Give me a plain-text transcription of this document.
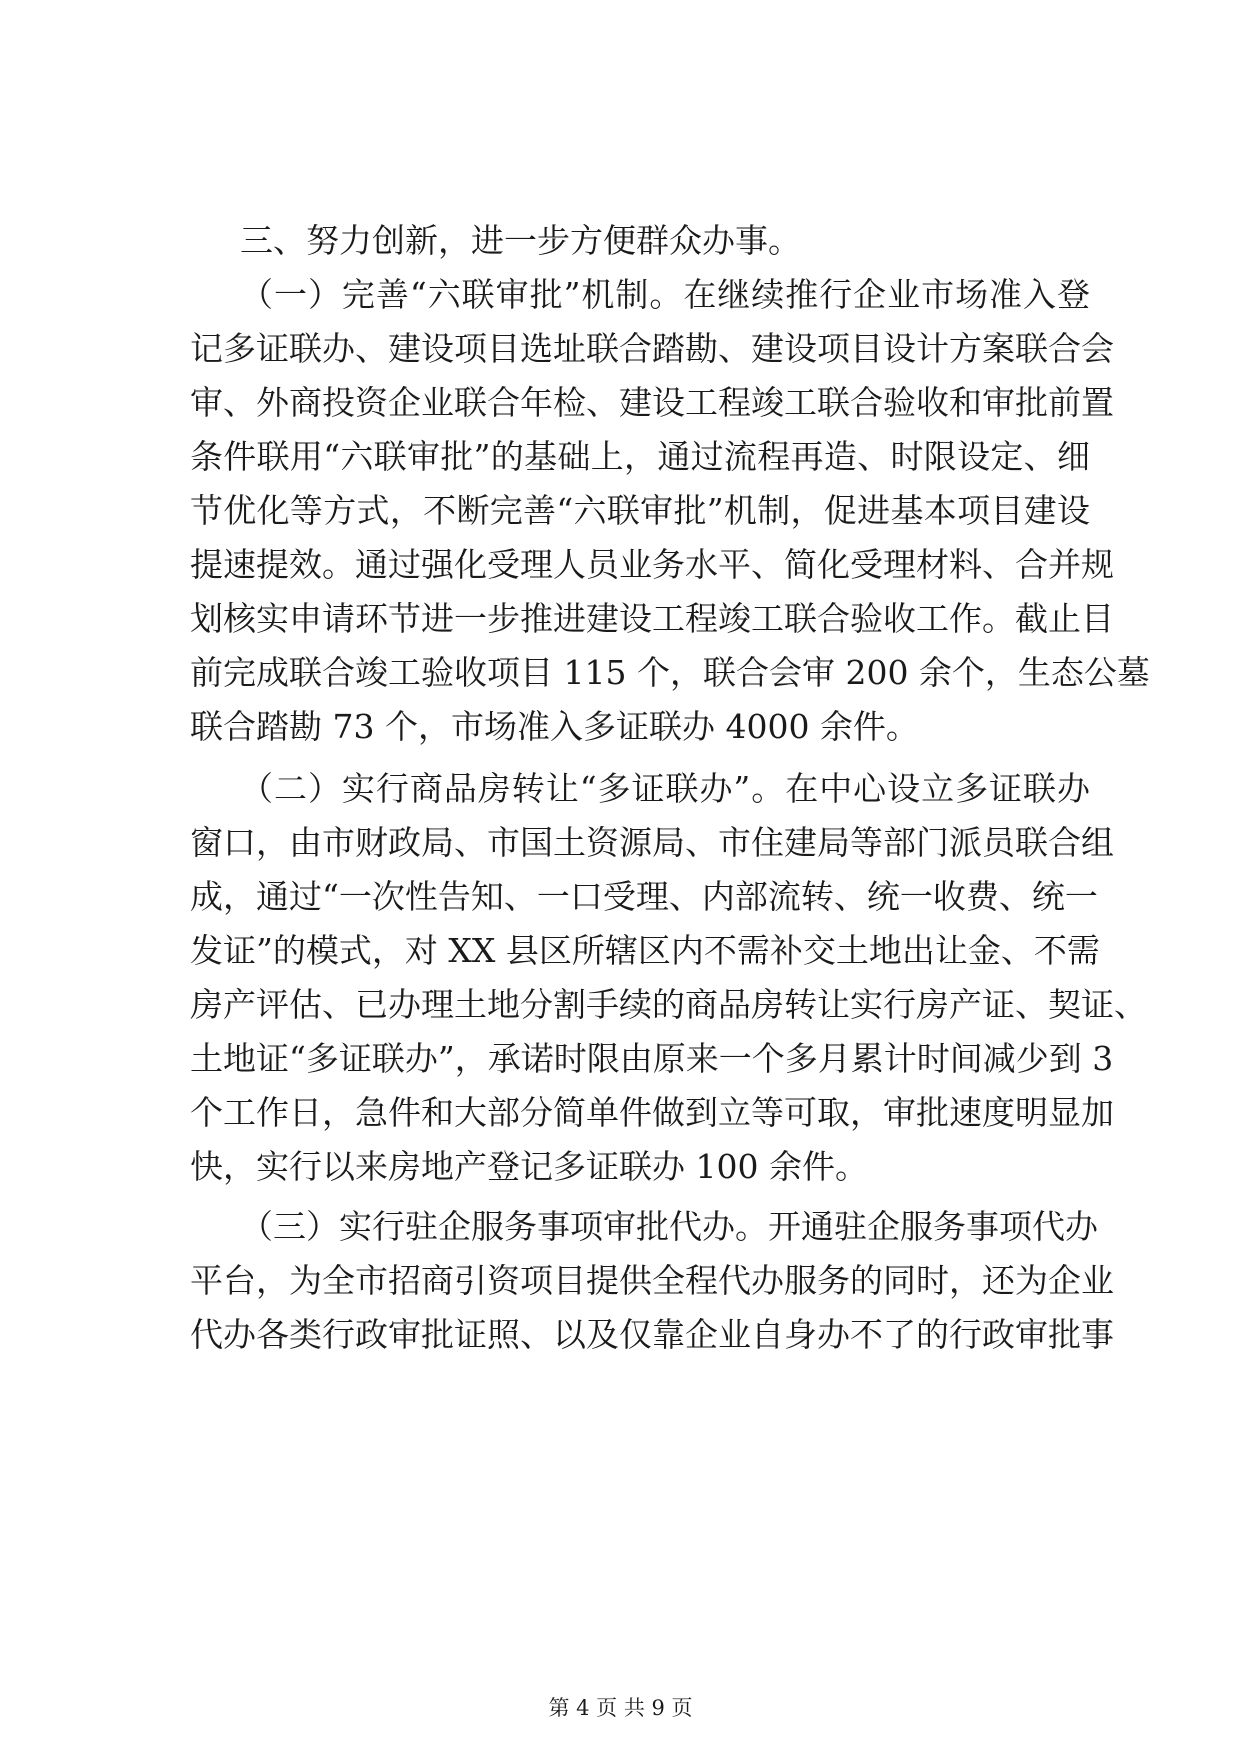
三、努力创新，进一步方便群众办事。
（一）完善“六联审批”机制。在继续推行企业市场准入登
记多证联办、建设项目选址联合踏勘、建设项目设计方案联合会
审、外商投资企业联合年检、建设工程竣工联合验收和审批前置
条件联用“六联审批”的基础上，通过流程再造、时限设定、细
节优化等方式，不断完善“六联审批”机制，促进基本项目建设
提速提效。通过强化受理人员业务水平、简化受理材料、合并规
划核实申请环节进一步推进建设工程竣工联合验收工作。截止目
前完成联合竣工验收项目 115 个，联合会审 200 余个，生态公墓
联合踏勘 73 个，市场准入多证联办 4000 余件。
（二）实行商品房转让“多证联办”。在中心设立多证联办
窗口，由市财政局、市国土资源局、市住建局等部门派员联合组
成，通过“一次性告知、一口受理、内部流转、统一收费、统一
发证”的模式，对 XX 县区所辖区内不需补交土地出让金、不需
房产评估、已办理土地分割手续的商品房转让实行房产证、契证、
土地证“多证联办”，承诺时限由原来一个多月累计时间减少到 3
个工作日，急件和大部分简单件做到立等可取，审批速度明显加
快，实行以来房地产登记多证联办 100 余件。
（三）实行驻企服务事项审批代办。开通驻企服务事项代办
平台，为全市招商引资项目提供全程代办服务的同时，还为企业
代办各类行政审批证照、以及仅靠企业自身办不了的行政审批事
第 4 页 共 9 页
